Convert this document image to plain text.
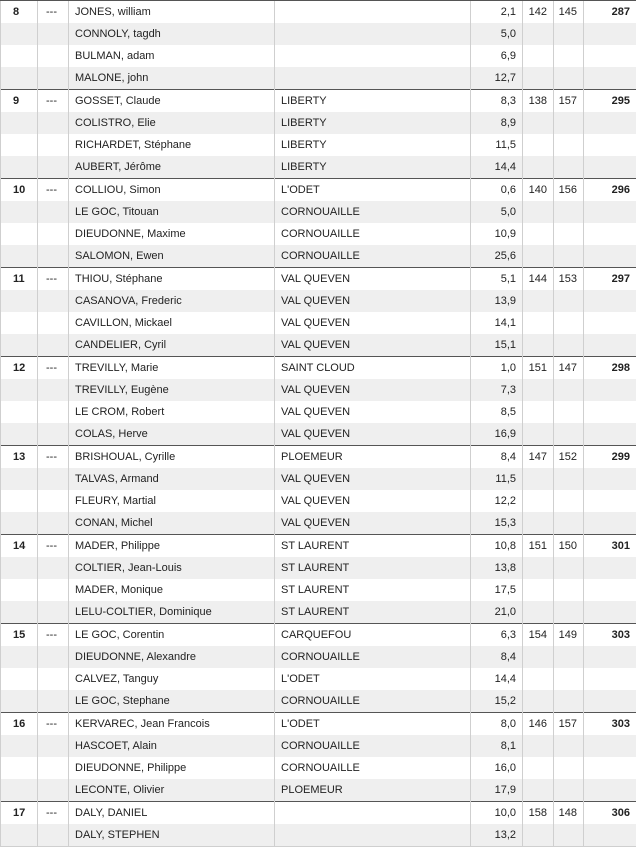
8	---	JONES, william		2,1	142	145	287
		CONNOLY, tagdh		5,0			
		BULMAN, adam		6,9			
		MALONE, john		12,7			
9	---	GOSSET, Claude	LIBERTY	8,3	138	157	295
		COLISTRO, Elie	LIBERTY	8,9			
		RICHARDET, Stéphane	LIBERTY	11,5			
		AUBERT, Jérôme	LIBERTY	14,4			
10	---	COLLIOU, Simon	L'ODET	0,6	140	156	296
		LE GOC, Titouan	CORNOUAILLE	5,0			
		DIEUDONNE, Maxime	CORNOUAILLE	10,9			
		SALOMON, Ewen	CORNOUAILLE	25,6			
11	---	THIOU, Stéphane	VAL QUEVEN	5,1	144	153	297
		CASANOVA, Frederic	VAL QUEVEN	13,9			
		CAVILLON, Mickael	VAL QUEVEN	14,1			
		CANDELIER, Cyril	VAL QUEVEN	15,1			
12	---	TREVILLY, Marie	SAINT CLOUD	1,0	151	147	298
		TREVILLY, Eugène	VAL QUEVEN	7,3			
		LE CROM, Robert	VAL QUEVEN	8,5			
		COLAS, Herve	VAL QUEVEN	16,9			
13	---	BRISHOUAL, Cyrille	PLOEMEUR	8,4	147	152	299
		TALVAS, Armand	VAL QUEVEN	11,5			
		FLEURY, Martial	VAL QUEVEN	12,2			
		CONAN, Michel	VAL QUEVEN	15,3			
14	---	MADER, Philippe	ST LAURENT	10,8	151	150	301
		COLTIER, Jean-Louis	ST LAURENT	13,8			
		MADER, Monique	ST LAURENT	17,5			
		LELU-COLTIER, Dominique	ST LAURENT	21,0			
15	---	LE GOC, Corentin	CARQUEFOU	6,3	154	149	303
		DIEUDONNE, Alexandre	CORNOUAILLE	8,4			
		CALVEZ, Tanguy	L'ODET	14,4			
		LE GOC, Stephane	CORNOUAILLE	15,2			
16	---	KERVAREC, Jean Francois	L'ODET	8,0	146	157	303
		HASCOET, Alain	CORNOUAILLE	8,1			
		DIEUDONNE, Philippe	CORNOUAILLE	16,0			
		LECONTE, Olivier	PLOEMEUR	17,9			
17	---	DALY, DANIEL		10,0	158	148	306
		DALY, STEPHEN		13,2			
